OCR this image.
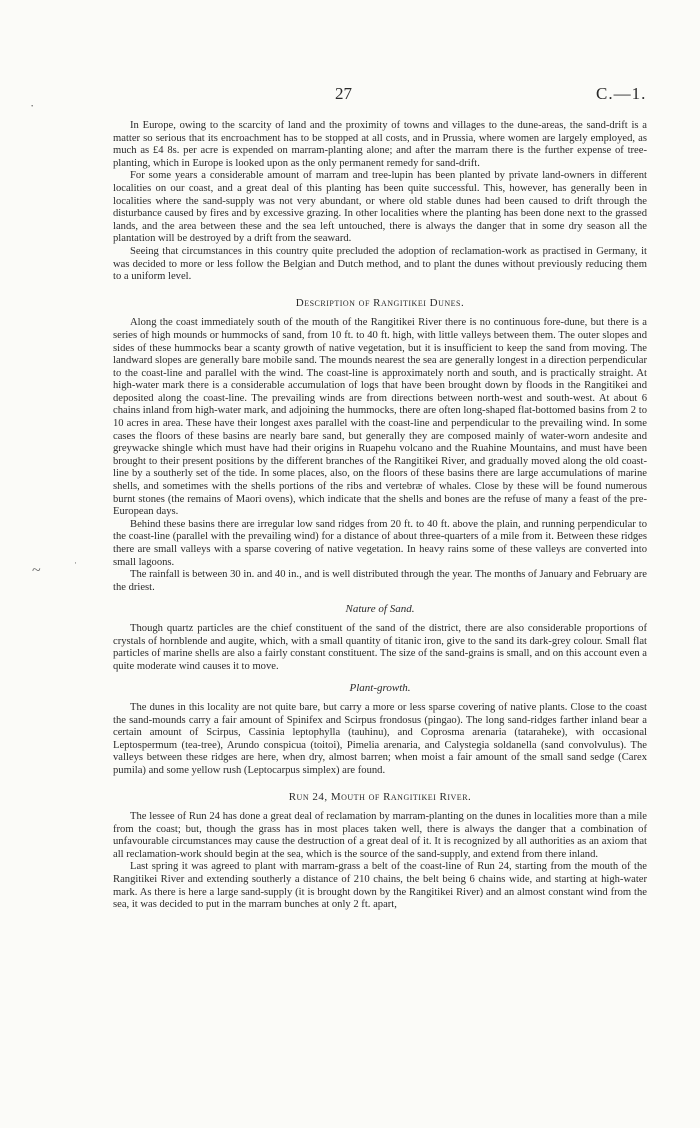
27	C.—1.
·
~	·

In Europe, owing to the scarcity of land and the proximity of towns and villages to the dune-areas, the sand-drift is a matter so serious that its encroachment has to be stopped at all costs, and in Prussia, where women are largely employed, as much as £4 8s. per acre is expended on marram-planting alone; and after the marram there is the further expense of tree-planting, which in Europe is looked upon as the only permanent remedy for sand-drift.

For some years a considerable amount of marram and tree-lupin has been planted by private land-owners in different localities on our coast, and a great deal of this planting has been quite successful. This, however, has generally been in localities where the sand-supply was not very abundant, or where old stable dunes had been caused to drift through the disturbance caused by fires and by excessive grazing. In other localities where the planting has been done next to the grassed lands, and the area between these and the sea left untouched, there is always the danger that in some dry season all the plantation will be destroyed by a drift from the seaward.

Seeing that circumstances in this country quite precluded the adoption of reclamation-work as practised in Germany, it was decided to more or less follow the Belgian and Dutch method, and to plant the dunes without previously reducing them to a uniform level.

Description of Rangitikei Dunes.

Along the coast immediately south of the mouth of the Rangitikei River there is no continuous fore-dune, but there is a series of high mounds or hummocks of sand, from 10 ft. to 40 ft. high, with little valleys between them. The outer slopes and sides of these hummocks bear a scanty growth of native vegetation, but it is insufficient to keep the sand from moving. The landward slopes are generally bare mobile sand. The mounds nearest the sea are generally longest in a direction perpendicular to the coast-line and parallel with the wind. The coast-line is approximately north and south, and is practically straight. At high-water mark there is a considerable accumulation of logs that have been brought down by floods in the Rangitikei and deposited along the coast-line. The prevailing winds are from directions between north-west and south-west. At about 6 chains inland from high-water mark, and adjoining the hummocks, there are often long-shaped flat-bottomed basins from 2 to 10 acres in area. These have their longest axes parallel with the coast-line and perpendicular to the prevailing wind. In some cases the floors of these basins are nearly bare sand, but generally they are composed mainly of water-worn andesite and greywacke shingle which must have had their origins in Ruapehu volcano and the Ruahine Mountains, and must have been brought to their present positions by the different branches of the Rangitikei River, and gradually moved along the old coast-line by a southerly set of the tide. In some places, also, on the floors of these basins there are large accumulations of marine shells, and sometimes with the shells portions of the ribs and vertebræ of whales. Close by these will be found numerous burnt stones (the remains of Maori ovens), which indicate that the shells and bones are the refuse of many a feast of the pre-European days.

Behind these basins there are irregular low sand ridges from 20 ft. to 40 ft. above the plain, and running perpendicular to the coast-line (parallel with the prevailing wind) for a distance of about three-quarters of a mile from it. Between these ridges there are small valleys with a sparse covering of native vegetation. In heavy rains some of these valleys are converted into small lagoons.

The rainfall is between 30 in. and 40 in., and is well distributed through the year. The months of January and February are the driest.

Nature of Sand.

Though quartz particles are the chief constituent of the sand of the district, there are also considerable proportions of crystals of hornblende and augite, which, with a small quantity of titanic iron, give to the sand its dark-grey colour. Small flat particles of marine shells are also a fairly constant constituent. The size of the sand-grains is small, and on this account even a quite moderate wind causes it to move.

Plant-growth.

The dunes in this locality are not quite bare, but carry a more or less sparse covering of native plants. Close to the coast the sand-mounds carry a fair amount of Spinifex and Scirpus frondosus (pingao). The long sand-ridges farther inland bear a certain amount of Scirpus, Cassinia leptophylla (tauhinu), and Coprosma arenaria (tataraheke), with occasional Leptospermum (tea-tree), Arundo conspicua (toitoi), Pimelia arenaria, and Calystegia soldanella (sand convolvulus). The valleys between these ridges are here, when dry, almost barren; when moist a fair amount of the small sand sedge (Carex pumila) and some yellow rush (Leptocarpus simplex) are found.

Run 24, Mouth of Rangitikei River.

The lessee of Run 24 has done a great deal of reclamation by marram-planting on the dunes in localities more than a mile from the coast; but, though the grass has in most places taken well, there is always the danger that a combination of unfavourable circumstances may cause the destruction of a great deal of it. It is recognized by all authorities as an axiom that all reclamation-work should begin at the sea, which is the source of the sand-supply, and extend from there inland.

Last spring it was agreed to plant with marram-grass a belt of the coast-line of Run 24, starting from the mouth of the Rangitikei River and extending southerly a distance of 210 chains, the belt being 6 chains wide, and starting at high-water mark. As there is here a large sand-supply (it is brought down by the Rangitikei River) and an almost constant wind from the sea, it was decided to put in the marram bunches at only 2 ft. apart,
